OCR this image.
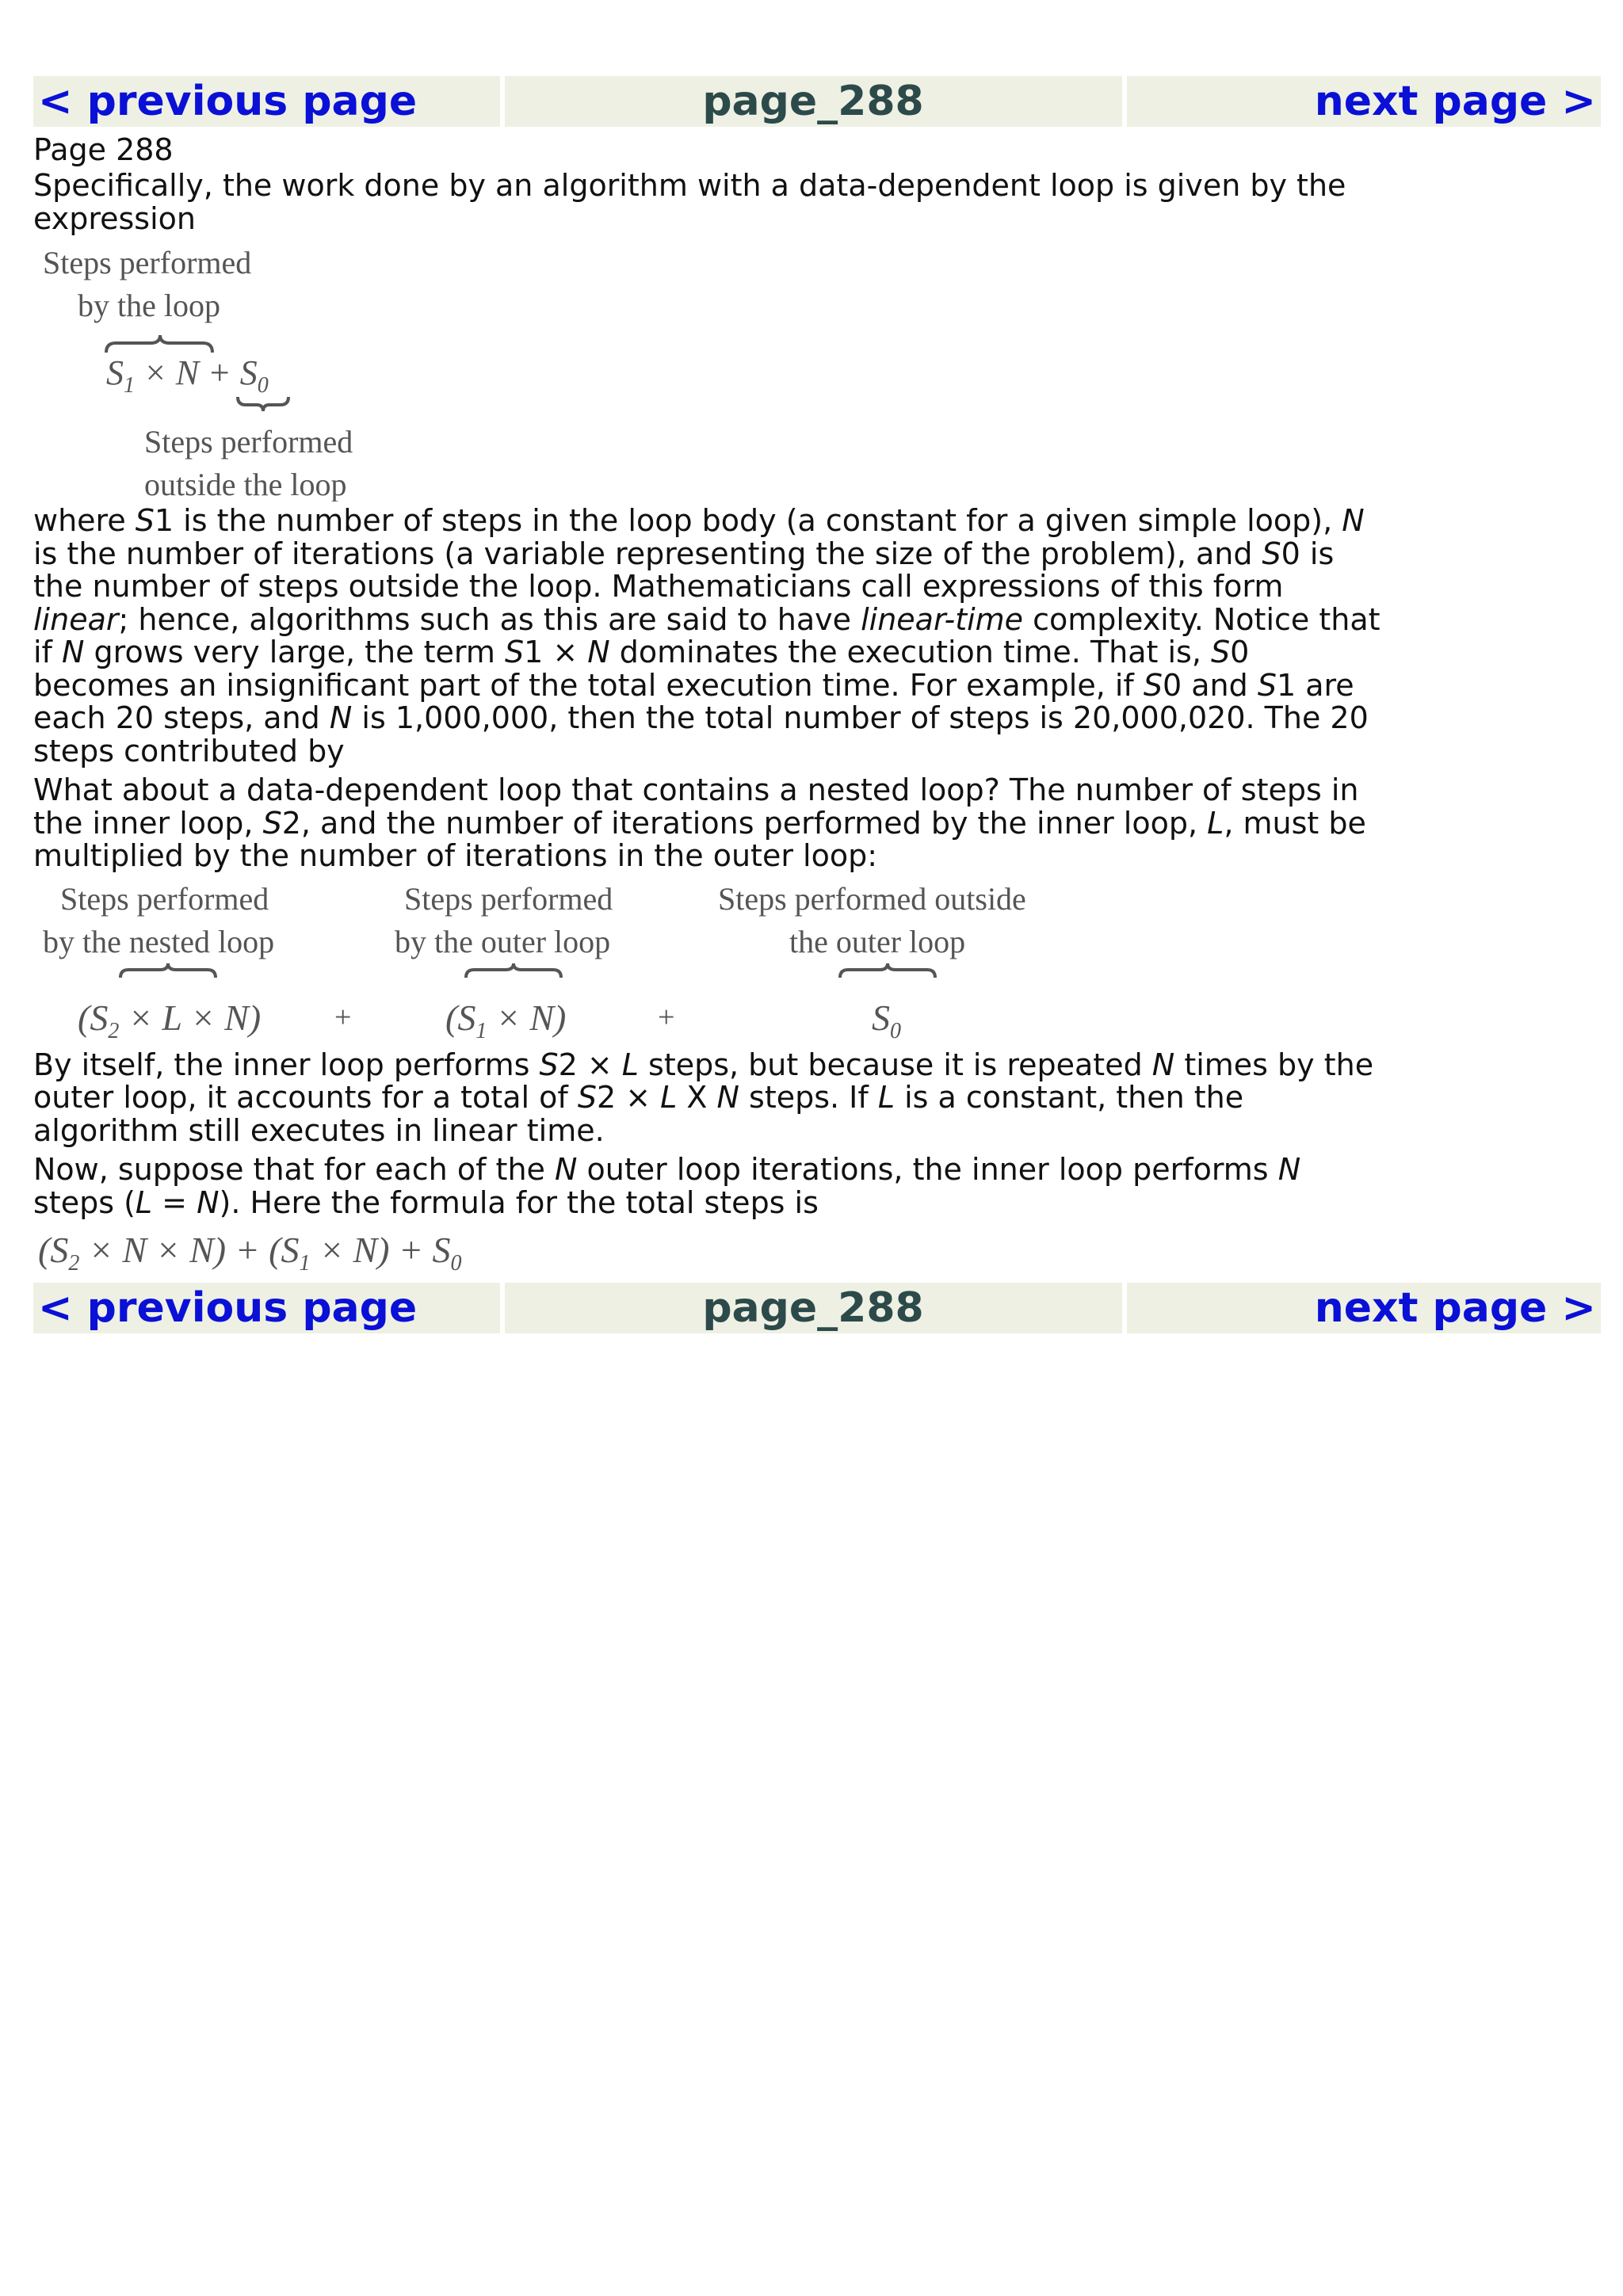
< previous page	page_288	next page >
Page 288

Specifically, the work done by an algorithm with a data-dependent loop is given by the expression

Steps performed
by the loop
$S_1 \times N + S_0$
Steps performed
outside the loop

where S1 is the number of steps in the loop body (a constant for a given simple loop), N is the number of iterations (a variable representing the size of the problem), and S0 is the number of steps outside the loop. Mathematicians call expressions of this form linear; hence, algorithms such as this are said to have linear-time complexity. Notice that if N grows very large, the term S1 × N dominates the execution time. That is, S0 becomes an insignificant part of the total execution time. For example, if S0 and S1 are each 20 steps, and N is 1,000,000, then the total number of steps is 20,000,020. The 20 steps contributed by

What about a data-dependent loop that contains a nested loop? The number of steps in the inner loop, S2, and the number of iterations performed by the inner loop, L, must be multiplied by the number of iterations in the outer loop:

Steps performed
by the nested loop
Steps performed
by the outer loop
Steps performed outside
the outer loop
$(S_2 \times L \times N)$ +	$(S_1 \times N)$	+	$S_0$

By itself, the inner loop performs S2 × L steps, but because it is repeated N times by the outer loop, it accounts for a total of S2 × L X N steps. If L is a constant, then the algorithm still executes in linear time.

Now, suppose that for each of the N outer loop iterations, the inner loop performs N steps (L = N). Here the formula for the total steps is

$(S_2 \times N \times N) + (S_1 \times N) + S_0$
< previous page	page_288	next page >
